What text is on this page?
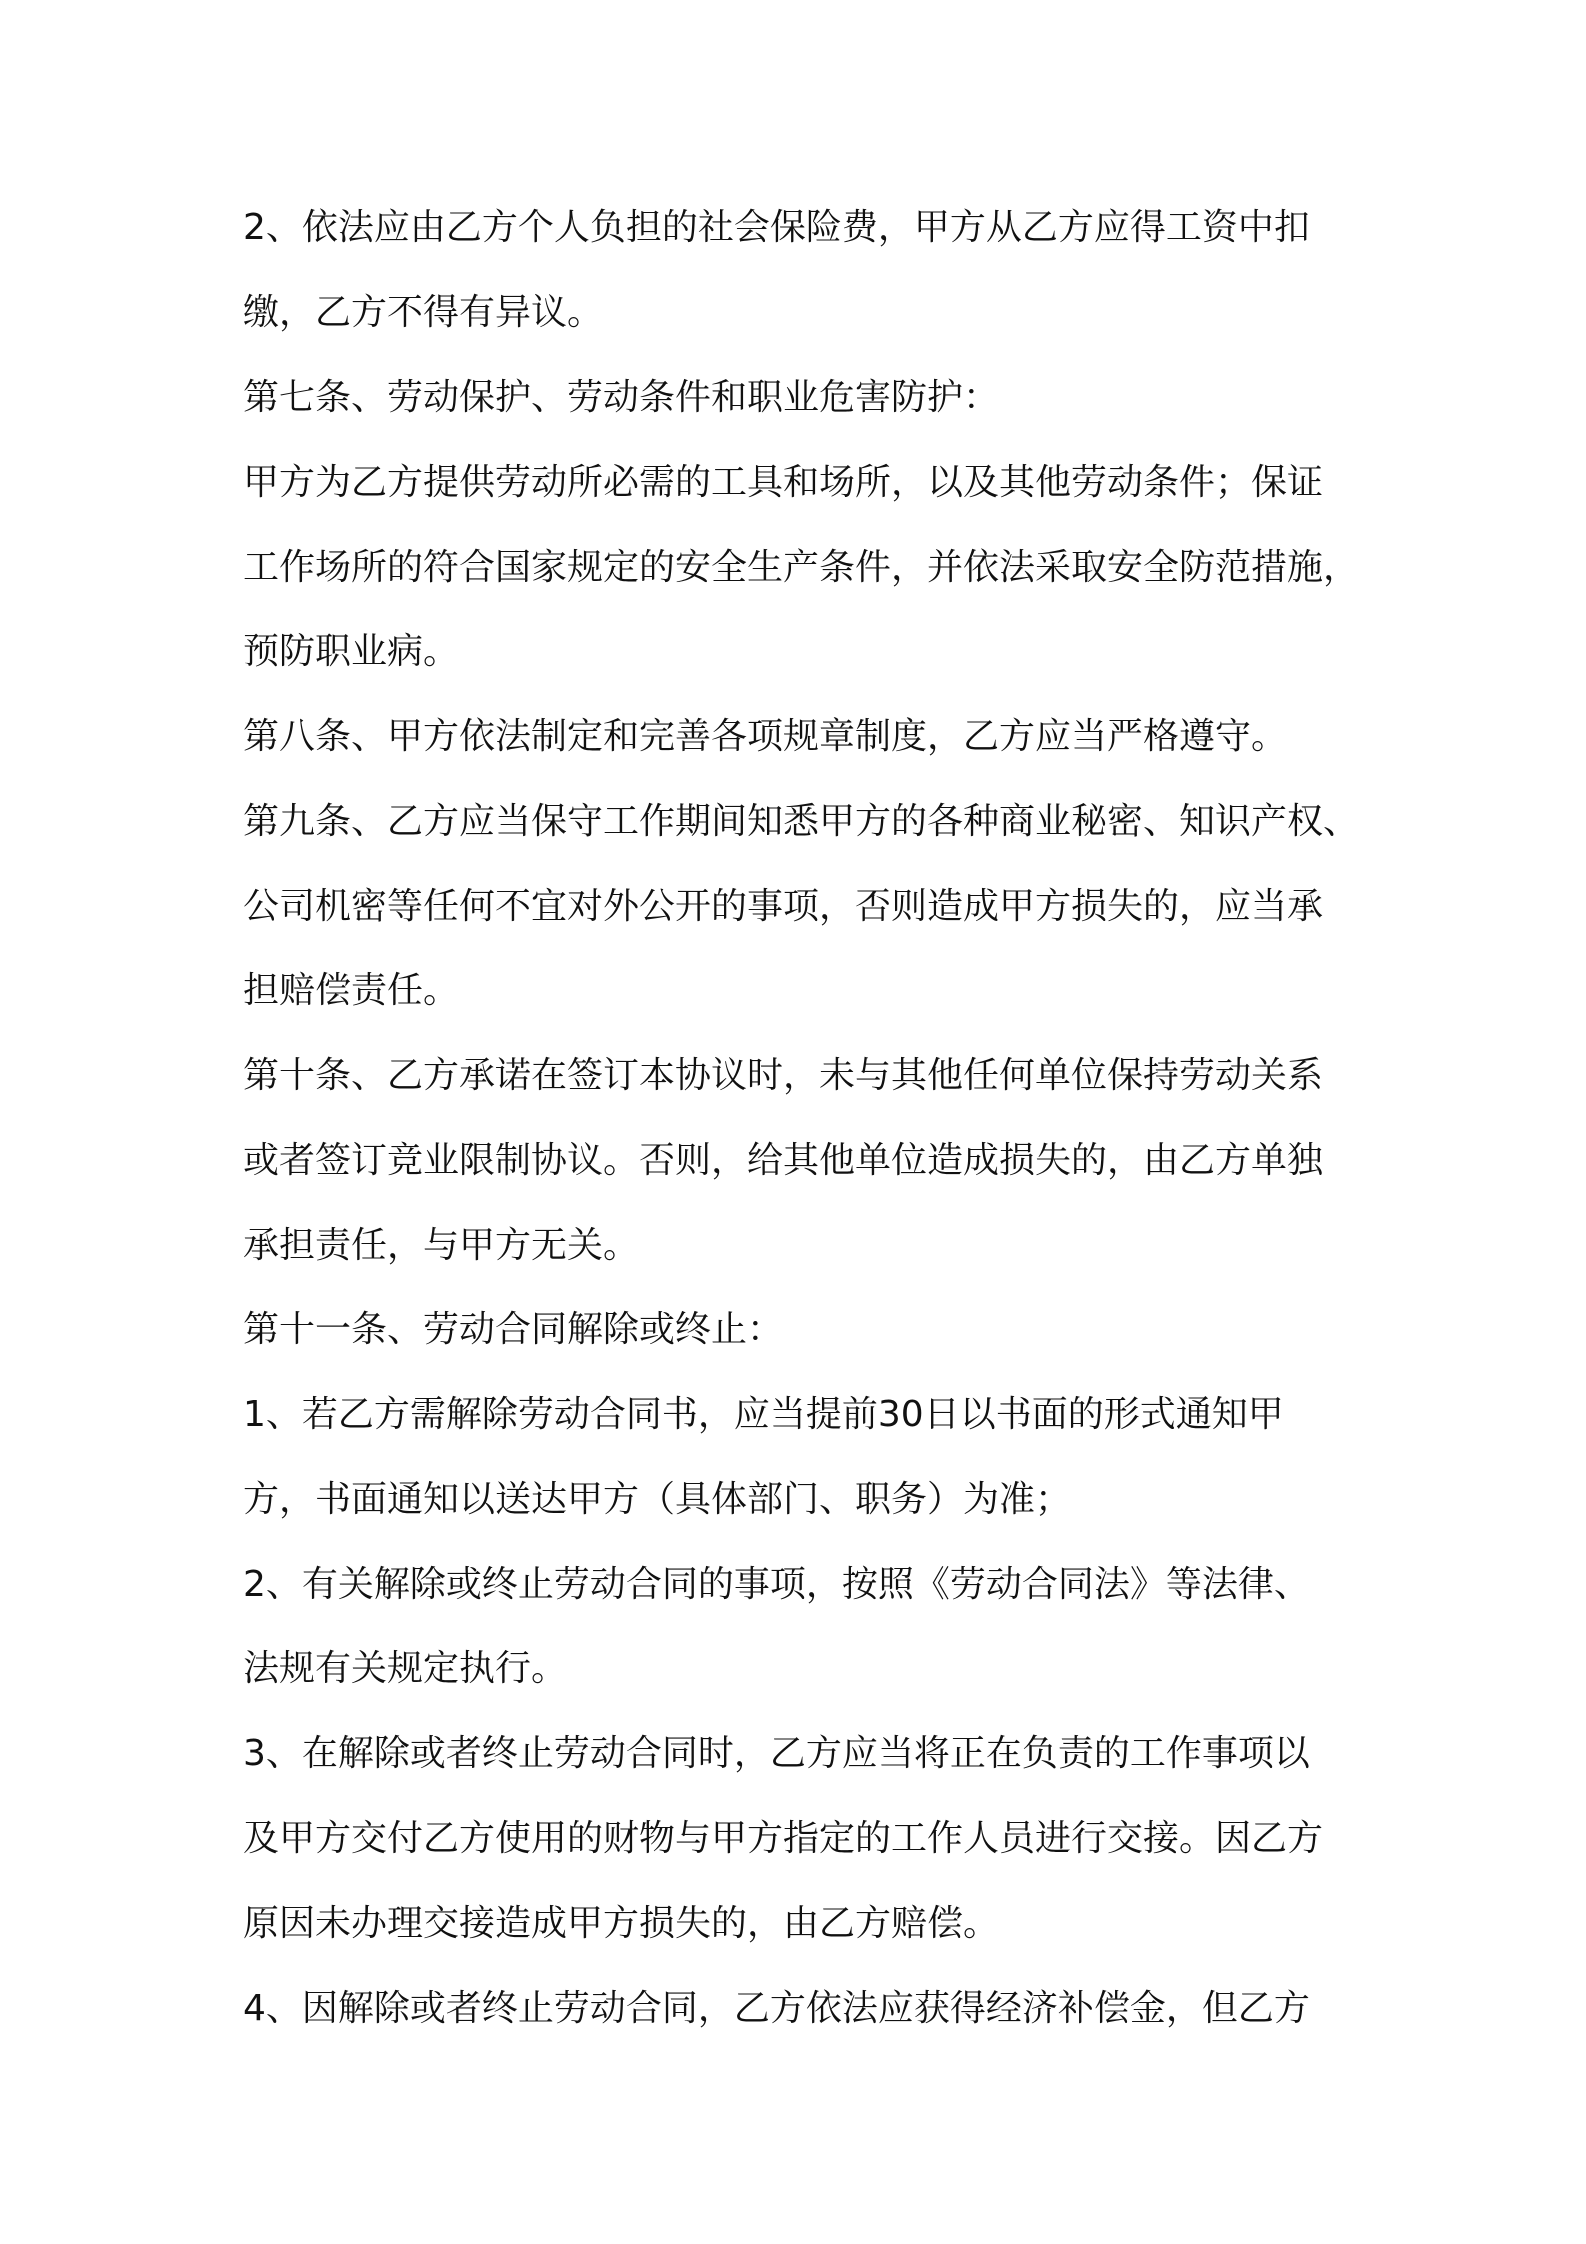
2、依法应由乙方个人负担的社会保险费，甲方从乙方应得工资中扣

缴，乙方不得有异议。

第七条、劳动保护、劳动条件和职业危害防护：

甲方为乙方提供劳动所必需的工具和场所，以及其他劳动条件；保证

工作场所的符合国家规定的安全生产条件，并依法采取安全防范措施，

预防职业病。

第八条、甲方依法制定和完善各项规章制度，乙方应当严格遵守。

第九条、乙方应当保守工作期间知悉甲方的各种商业秘密、知识产权、

公司机密等任何不宜对外公开的事项，否则造成甲方损失的，应当承

担赔偿责任。

第十条、乙方承诺在签订本协议时，未与其他任何单位保持劳动关系

或者签订竞业限制协议。否则，给其他单位造成损失的，由乙方单独

承担责任，与甲方无关。

第十一条、劳动合同解除或终止：

1、若乙方需解除劳动合同书，应当提前30日以书面的形式通知甲

方，书面通知以送达甲方（具体部门、职务）为准；

2、有关解除或终止劳动合同的事项，按照《劳动合同法》等法律、

法规有关规定执行。

3、在解除或者终止劳动合同时，乙方应当将正在负责的工作事项以

及甲方交付乙方使用的财物与甲方指定的工作人员进行交接。因乙方

原因未办理交接造成甲方损失的，由乙方赔偿。

4、因解除或者终止劳动合同，乙方依法应获得经济补偿金，但乙方
